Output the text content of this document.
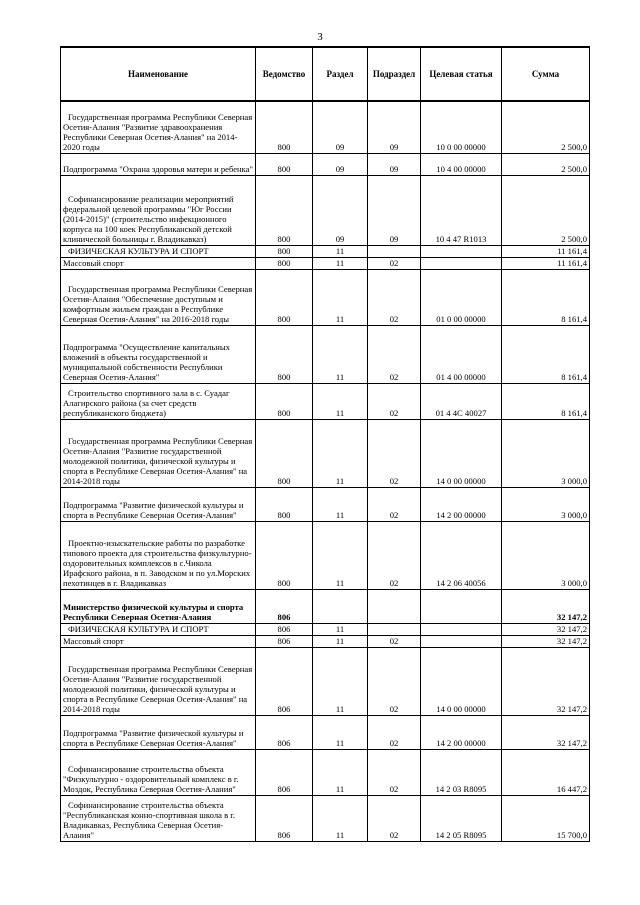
3
Наименование	Ведомство	Раздел	Подраздел	Целевая статья	Сумма
Государственная программа Республики Северная Осетия-Алания "Развитие здравоохранения Республики Северная Осетия-Алания" на 2014-2020 годы	800	09	09	10 0 00 00000	2 500,0
Подпрограмма "Охрана здоровья матери и ребенка"	800	09	09	10 4 00 00000	2 500,0
Софинансирование реализации мероприятий федеральной целевой программы "Юг России (2014-2015)" (строительство инфекционного корпуса на 100 коек Республиканской детской клинической больницы г. Владикавказ)	800	09	09	10 4 47 R1013	2 500,0
ФИЗИЧЕСКАЯ КУЛЬТУРА И СПОРТ	800	11			11 161,4
Массовый спорт	800	11	02		11 161,4
Государственная программа Республики Северная Осетия-Алания "Обеспечение доступным и комфортным жильем граждан в Республике Северная Осетия-Алания" на 2016-2018 годы	800	11	02	01 0 00 00000	8 161,4
Подпрограмма "Осуществление капитальных вложений в объекты государственной и муниципальной собственности Республики Северная Осетия-Алания"	800	11	02	01 4 00 00000	8 161,4
Строительство спортивного зала в с. Суадаг Алагирского района (за счет средств республиканского бюджета)	800	11	02	01 4 4С 40027	8 161,4
Государственная программа Республики Северная Осетия-Алания "Развитие государственной молодежной политики, физической культуры и спорта в Республике Северная Осетия-Алания" на 2014-2018 годы	800	11	02	14 0 00 00000	3 000,0
Подпрограмма "Развитие физической культуры и спорта в Республике Северная Осетия-Алания"	800	11	02	14 2 00 00000	3 000,0
Проектно-изыскательские работы по разработке типового проекта для строительства физкультурно-оздоровительных комплексов в с.Чикола Ирафского района, в п. Заводском и по ул.Морских пехотинцев в г. Владикавказ	800	11	02	14 2 06 40056	3 000,0
Министерство физической культуры и спорта Республики Северная Осетия-Алания	806				32 147,2
ФИЗИЧЕСКАЯ КУЛЬТУРА И СПОРТ	806	11			32 147,2
Массовый спорт	806	11	02		32 147,2
Государственная программа Республики Северная Осетия-Алания "Развитие государственной молодежной политики, физической культуры и спорта в Республике Северная Осетия-Алания" на 2014-2018 годы	806	11	02	14 0 00 00000	32 147,2
Подпрограмма "Развитие физической культуры и спорта в Республике Северная Осетия-Алания"	806	11	02	14 2 00 00000	32 147,2
Софинансирование строительства объекта "Физкультурно - оздоровительный комплекс в г. Моздок, Республика Северная Осетия-Алания"	806	11	02	14 2 03 R8095	16 447,2
Софинансирование строительства объекта "Республиканская конно-спортивная школа в г. Владикавказ, Республика Северная Осетия-Алания"	806	11	02	14 2 05 R8095	15 700,0
